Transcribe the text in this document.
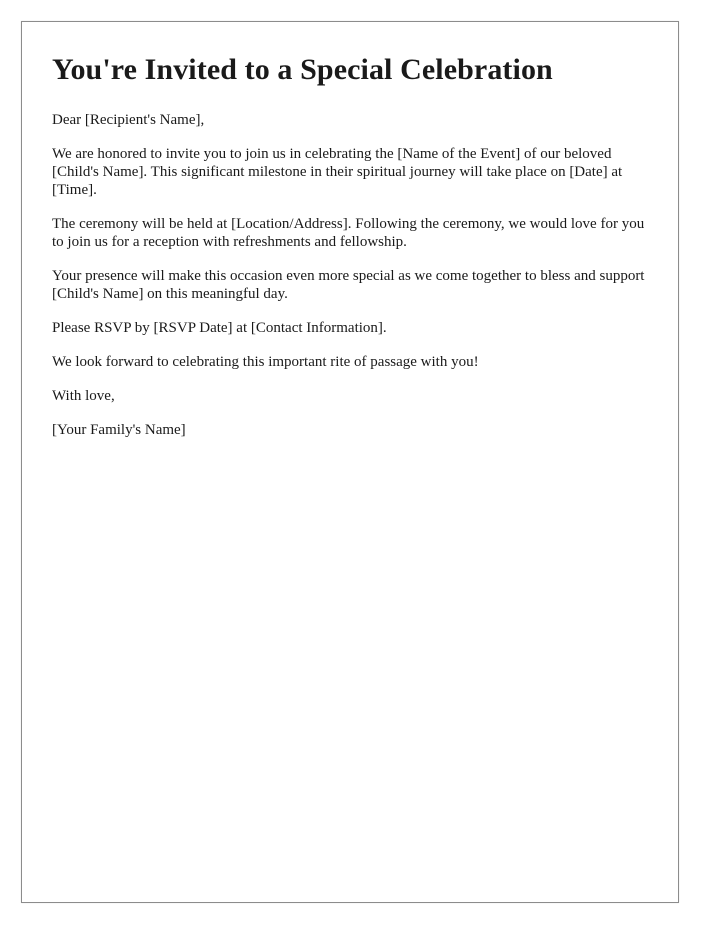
You're Invited to a Special Celebration

Dear [Recipient's Name],

We are honored to invite you to join us in celebrating the [Name of the Event] of our beloved [Child's Name]. This significant milestone in their spiritual journey will take place on [Date] at [Time].

The ceremony will be held at [Location/Address]. Following the ceremony, we would love for you to join us for a reception with refreshments and fellowship.

Your presence will make this occasion even more special as we come together to bless and support [Child's Name] on this meaningful day.

Please RSVP by [RSVP Date] at [Contact Information].

We look forward to celebrating this important rite of passage with you!

With love,

[Your Family's Name]
